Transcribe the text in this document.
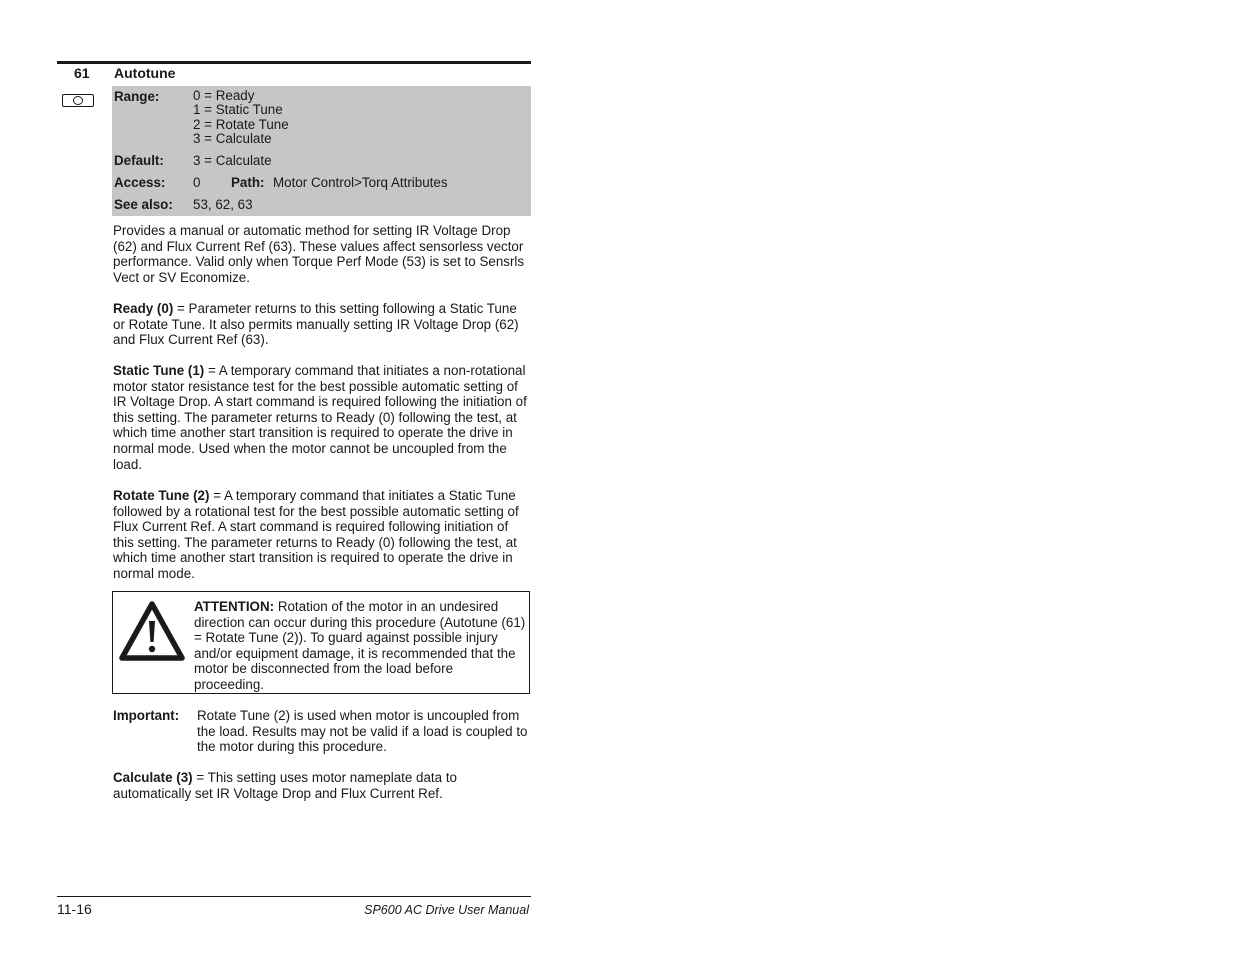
61 Autotune
Range:	0 = Ready
1 = Static Tune
2 = Rotate Tune
3 = Calculate
Default: 3 = Calculate
Access: 0 Path: Motor Control>Torq Attributes
See also: 53, 62, 63

Provides a manual or automatic method for setting IR Voltage Drop (62) and Flux Current Ref (63). These values affect sensorless vector performance. Valid only when Torque Perf Mode (53) is set to Sensrls Vect or SV Economize.

Ready (0) = Parameter returns to this setting following a Static Tune or Rotate Tune. It also permits manually setting IR Voltage Drop (62) and Flux Current Ref (63).

Static Tune (1) = A temporary command that initiates a non-rotational motor stator resistance test for the best possible automatic setting of IR Voltage Drop. A start command is required following the initiation of this setting. The parameter returns to Ready (0) following the test, at which time another start transition is required to operate the drive in normal mode. Used when the motor cannot be uncoupled from the load.

Rotate Tune (2) = A temporary command that initiates a Static Tune followed by a rotational test for the best possible automatic setting of Flux Current Ref. A start command is required following initiation of this setting. The parameter returns to Ready (0) following the test, at which time another start transition is required to operate the drive in normal mode.

ATTENTION: Rotation of the motor in an undesired direction can occur during this procedure (Autotune (61) = Rotate Tune (2)). To guard against possible injury and/or equipment damage, it is recommended that the motor be disconnected from the load before proceeding.
Important: Rotate Tune (2) is used when motor is uncoupled from the load. Results may not be valid if a load is coupled to the motor during this procedure.

Calculate (3) = This setting uses motor nameplate data to automatically set IR Voltage Drop and Flux Current Ref.

11-16	SP600 AC Drive User Manual
